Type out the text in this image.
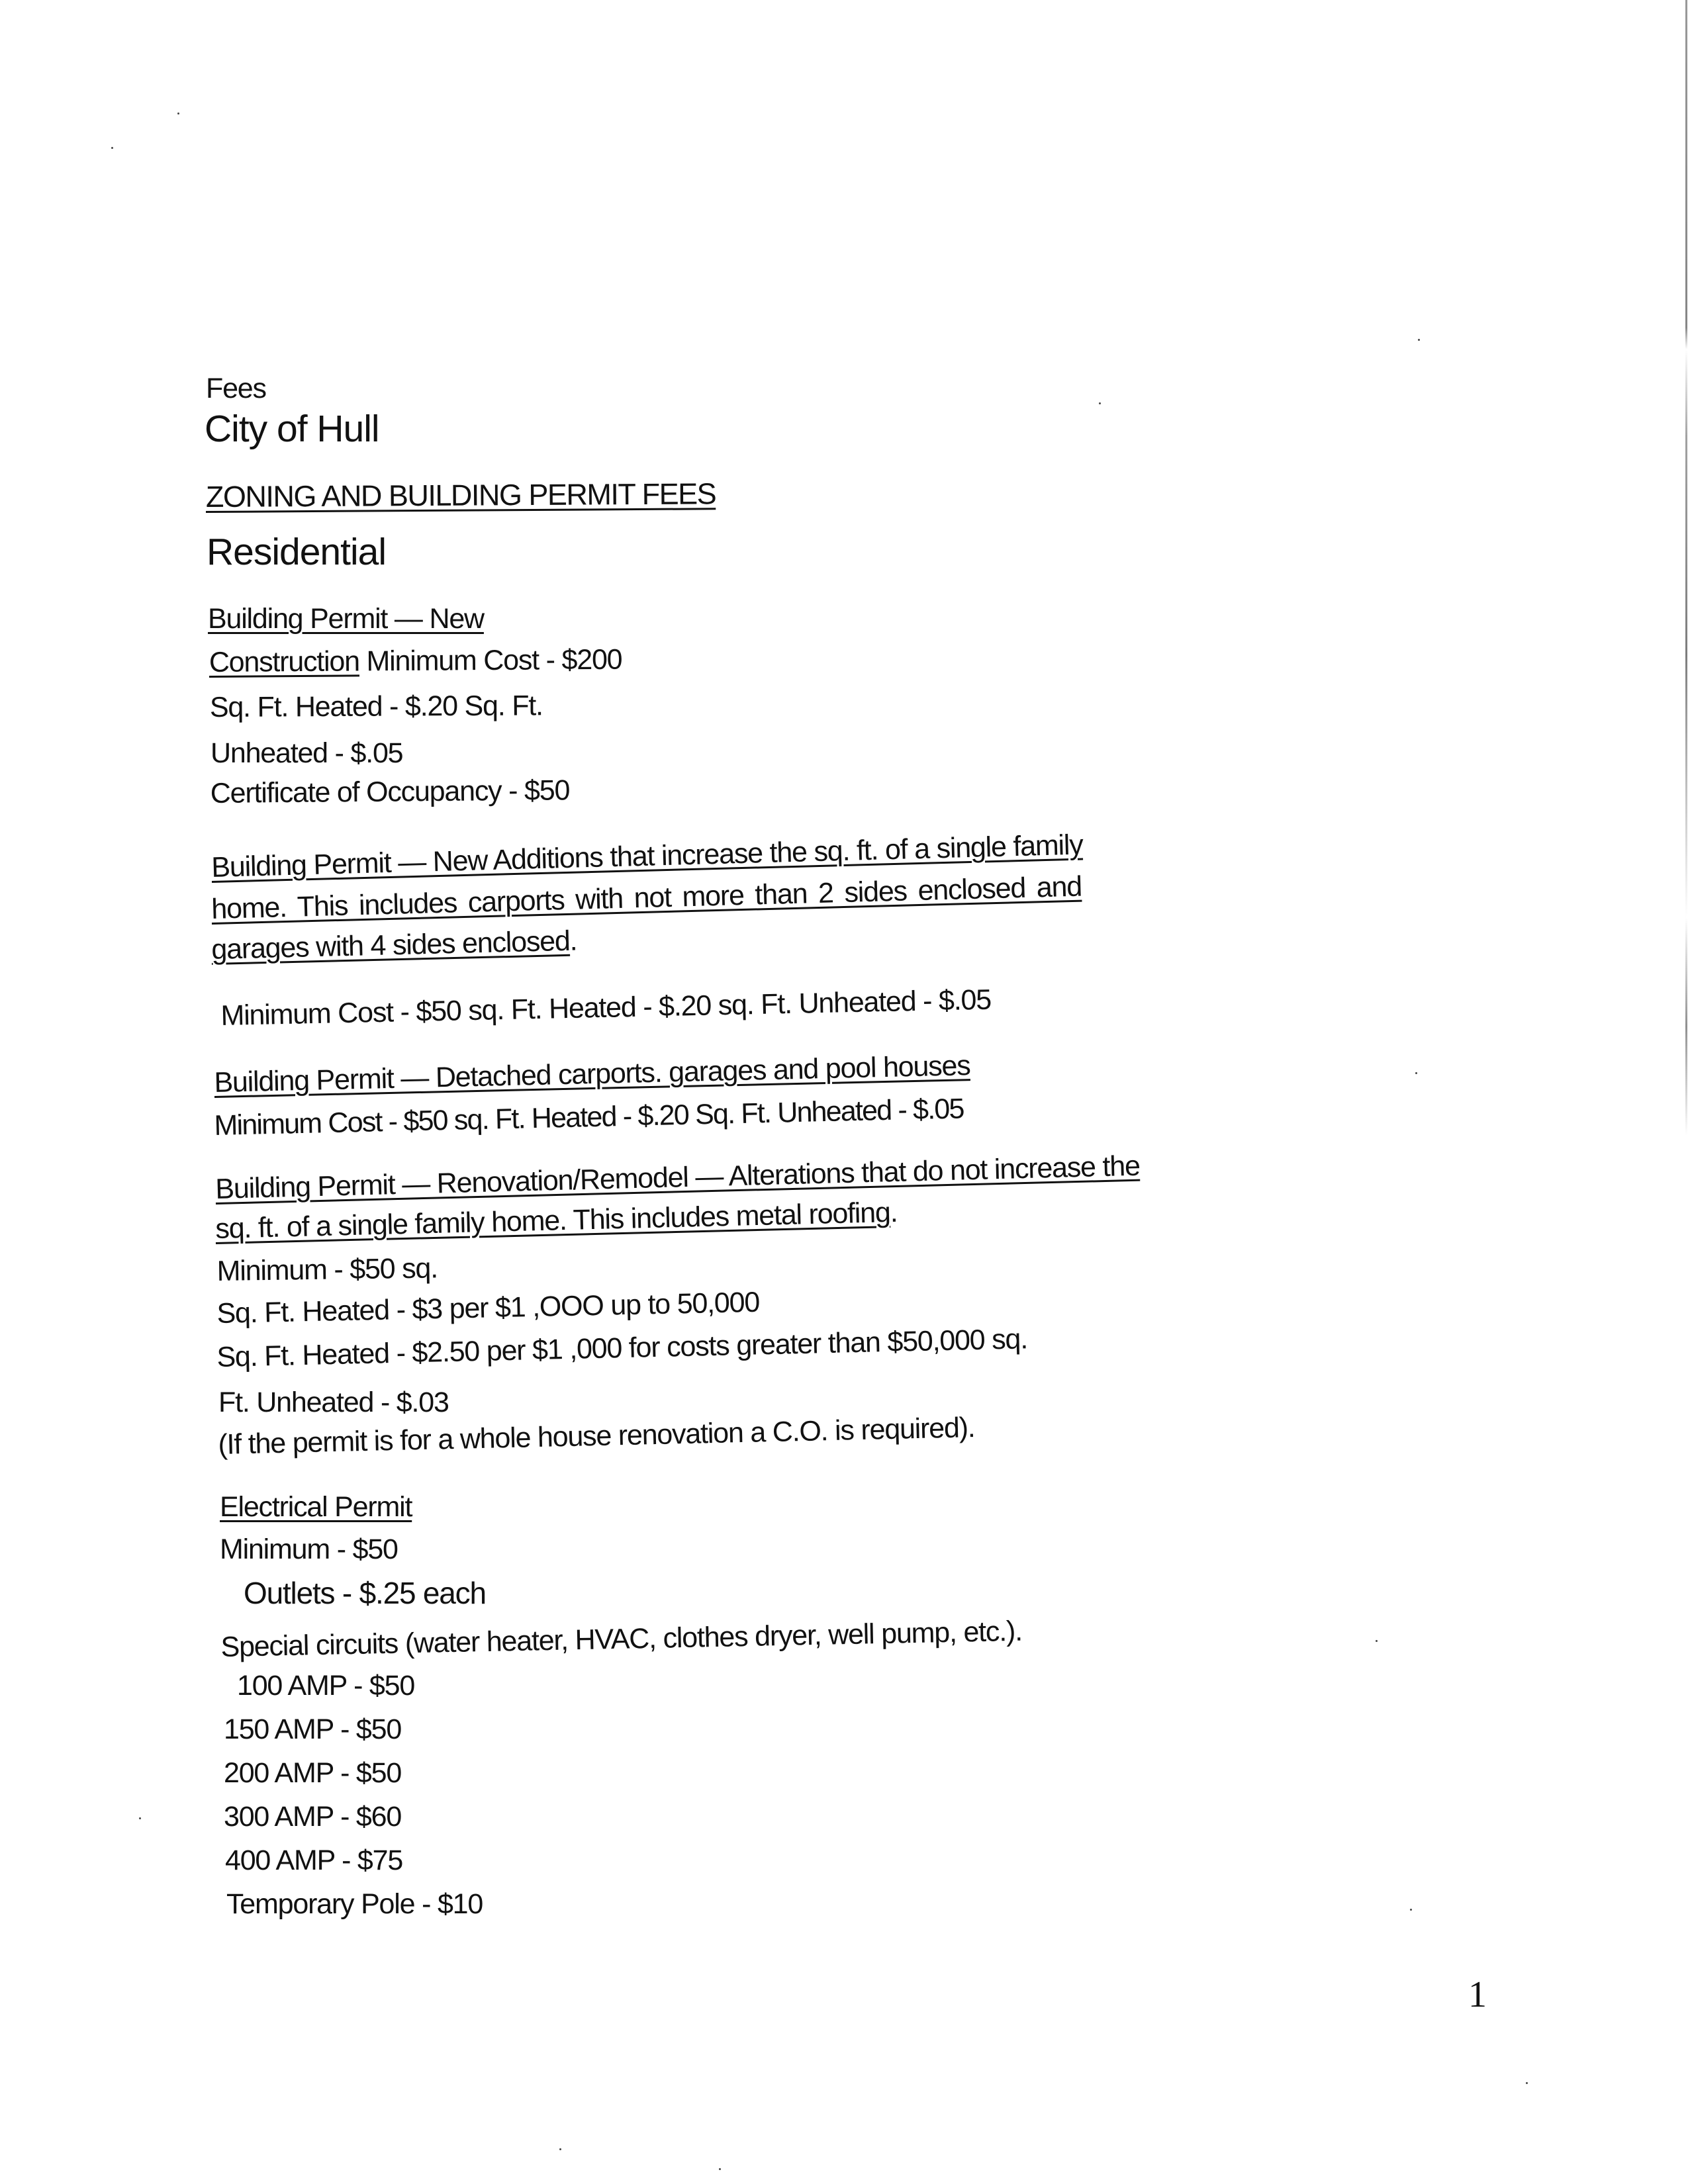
Fees
City of Hull
ZONING AND BUILDING PERMIT FEES
Residential
Building Permit — New
Construction Minimum Cost - $200
Sq. Ft. Heated - $.20 Sq. Ft.
Unheated - $.05
Certificate of Occupancy - $50
Building Permit — New Additions that increase the sq. ft. of a single family
home. This includes carports with not more than 2 sides enclosed and
garages with 4 sides enclosed.
Minimum Cost - $50 sq. Ft. Heated - $.20 sq. Ft. Unheated - $.05
Building Permit — Detached carports. garages and pool houses
Minimum Cost - $50 sq. Ft. Heated - $.20 Sq. Ft. Unheated - $.05
Building Permit — Renovation/Remodel — Alterations that do not increase the
sq. ft. of a single family home. This includes metal roofing.
Minimum - $50 sq.
Sq. Ft. Heated - $3 per $1 ,OOO up to 50,000
Sq. Ft. Heated - $2.50 per $1 ,000 for costs greater than $50,000 sq.
Ft. Unheated - $.03
(If the permit is for a whole house renovation a C.O. is required).
Electrical Permit
Minimum - $50
Outlets - $.25 each
Special circuits (water heater, HVAC, clothes dryer, well pump, etc.).
100 AMP - $50
150 AMP - $50
200 AMP - $50
300 AMP - $60
400 AMP - $75
Temporary Pole - $10
1
